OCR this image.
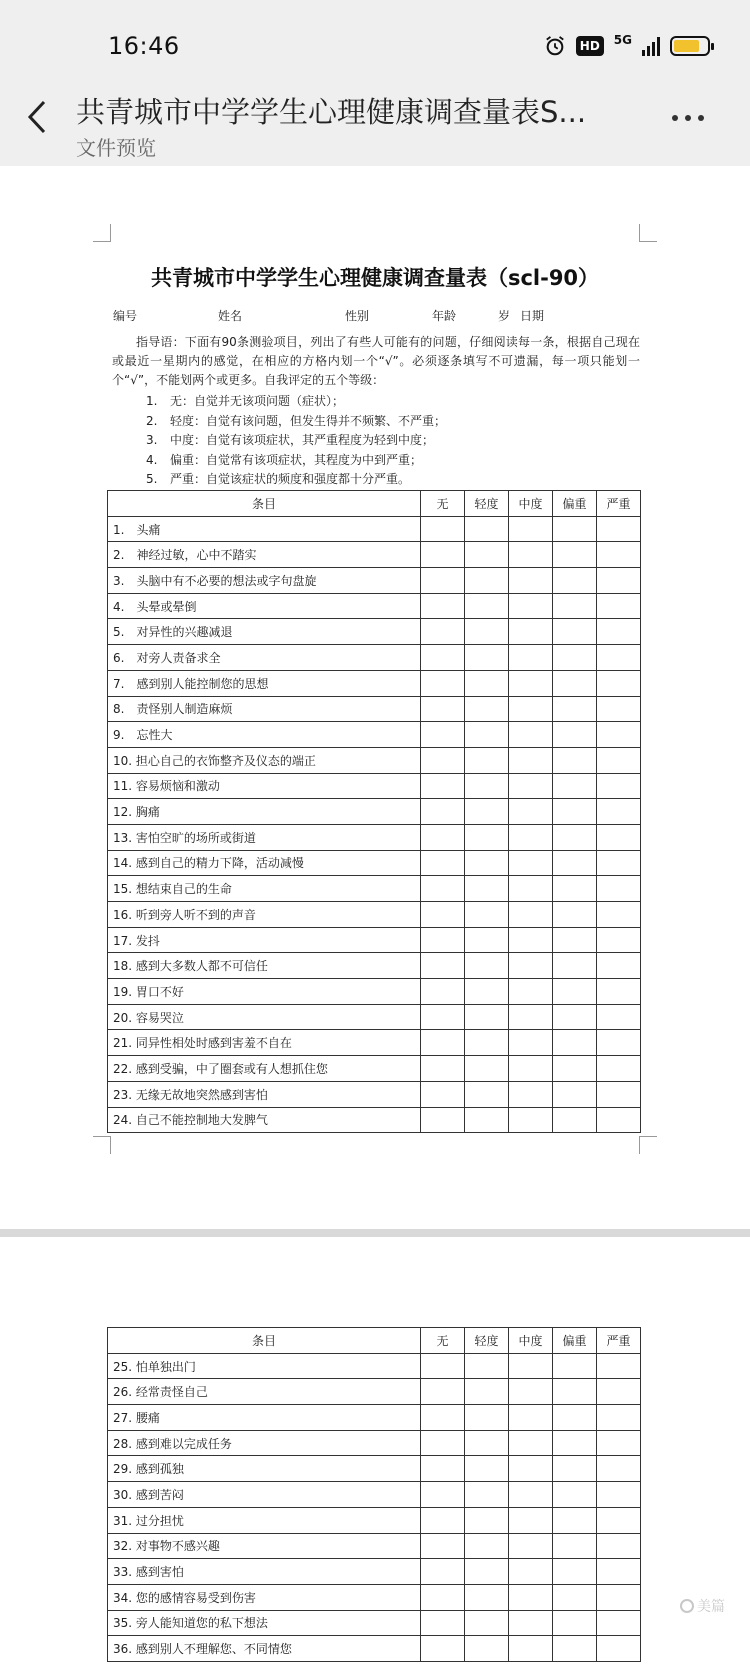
16:46	HD	5G
共青城市中学学生心理健康调查量表S...
文件预览
共青城市中学学生心理健康调查量表（scl-90）
编号	姓名	性别	年龄	岁 日期
指导语：下面有90条测验项目，列出了有些人可能有的问题，仔细阅读每一条，根据自己现在或最近一星期内的感觉，在相应的方格内划一个“√”。必须逐条填写不可遗漏，每一项只能划一个“√”，不能划两个或更多。自我评定的五个等级：
1. 无：自觉并无该项问题（症状）；
2. 轻度：自觉有该问题，但发生得并不频繁、不严重；
3. 中度：自觉有该项症状，其严重程度为轻到中度；
4. 偏重：自觉常有该项症状，其程度为中到严重；
5. 严重：自觉该症状的频度和强度都十分严重。
条目	无	轻度	中度	偏重	严重
1.　头痛					
2.　神经过敏，心中不踏实					
3.　头脑中有不必要的想法或字句盘旋					
4.　头晕或晕倒					
5.　对异性的兴趣减退					
6.　对旁人责备求全					
7.　感到别人能控制您的思想					
8.　责怪别人制造麻烦					
9.　忘性大					
10. 担心自己的衣饰整齐及仪态的端正					
11. 容易烦恼和激动					
12. 胸痛					
13. 害怕空旷的场所或街道					
14. 感到自己的精力下降，活动减慢					
15. 想结束自己的生命					
16. 听到旁人听不到的声音					
17. 发抖					
18. 感到大多数人都不可信任					
19. 胃口不好					
20. 容易哭泣					
21. 同异性相处时感到害羞不自在					
22. 感到受骗，中了圈套或有人想抓住您					
23. 无缘无故地突然感到害怕					
24. 自己不能控制地大发脾气					
条目	无	轻度	中度	偏重	严重
25. 怕单独出门					
26. 经常责怪自己					
27. 腰痛					
28. 感到难以完成任务					
29. 感到孤独					
30. 感到苦闷					
31. 过分担忧					
32. 对事物不感兴趣					
33. 感到害怕					
34. 您的感情容易受到伤害					
35. 旁人能知道您的私下想法					
36. 感到别人不理解您、不同情您					
美篇
